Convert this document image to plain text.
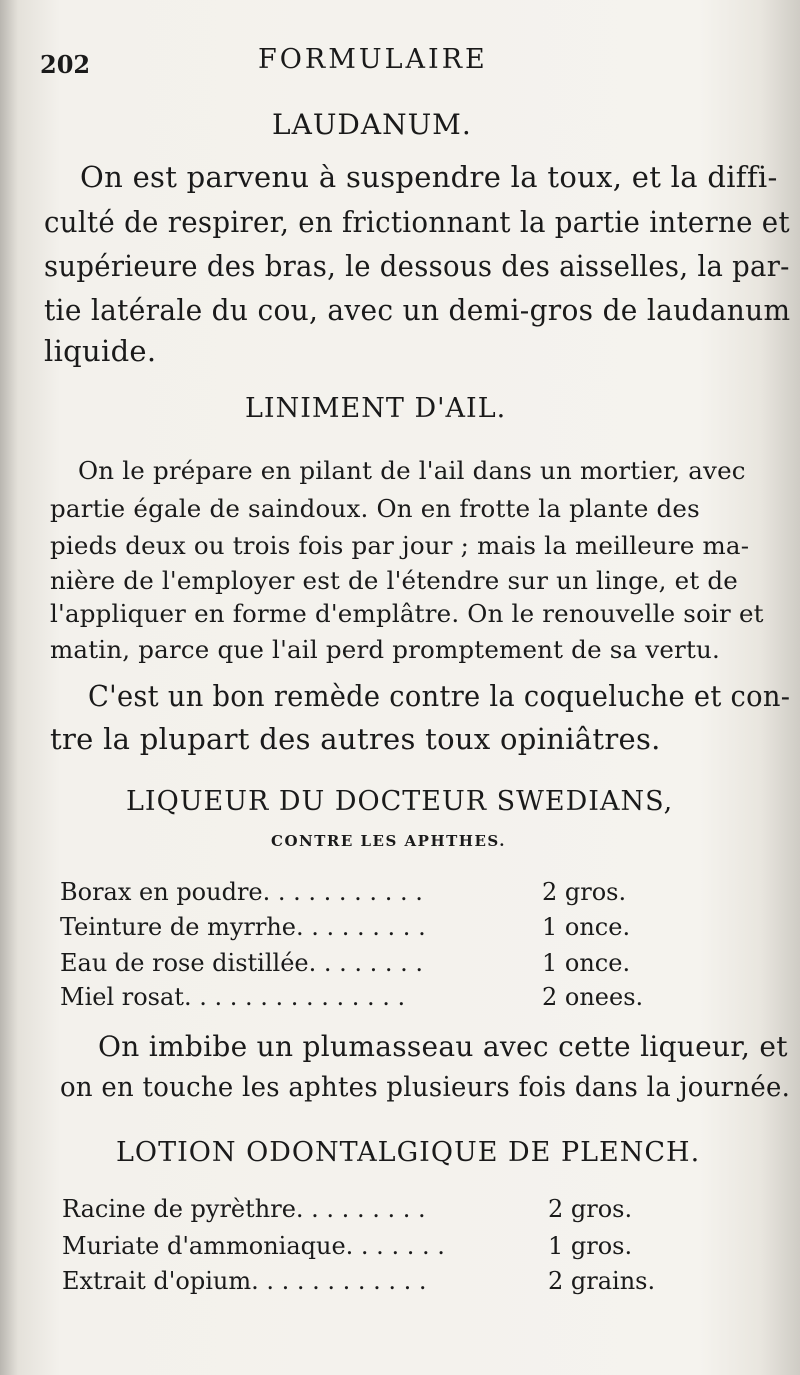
202	FORMULAIRE
LAUDANUM.
On est parvenu à suspendre la toux, et la diffi-
culté de respirer, en frictionnant la partie interne et
supérieure des bras, le dessous des aisselles, la par-
tie latérale du cou, avec un demi-gros de laudanum
liquide.
LINIMENT D'AIL.
On le prépare en pilant de l'ail dans un mortier, avec
partie égale de saindoux. On en frotte la plante des
pieds deux ou trois fois par jour ; mais la meilleure ma-
nière de l'employer est de l'étendre sur un linge, et de
l'appliquer en forme d'emplâtre. On le renouvelle soir et
matin, parce que l'ail perd promptement de sa vertu.
C'est un bon remède contre la coqueluche et con-
tre la plupart des autres toux opiniâtres.
LIQUEUR DU DOCTEUR SWEDIANS,
CONTRE LES APHTHES.
Borax en poudre. . . . . . . . . . .	2 gros.
Teinture de myrrhe. . . . . . . . .	1 once.
Eau de rose distillée. . . . . . . .	1 once.
Miel rosat. . . . . . . . . . . . . . .	2 onees.
On imbibe un plumasseau avec cette liqueur, et
on en touche les aphtes plusieurs fois dans la journée.
LOTION ODONTALGIQUE DE PLENCH.
Racine de pyrèthre. . . . . . . . .	2 gros.
Muriate d'ammoniaque. . . . . . .	1 gros.
Extrait d'opium. . . . . . . . . . . .	2 grains.
